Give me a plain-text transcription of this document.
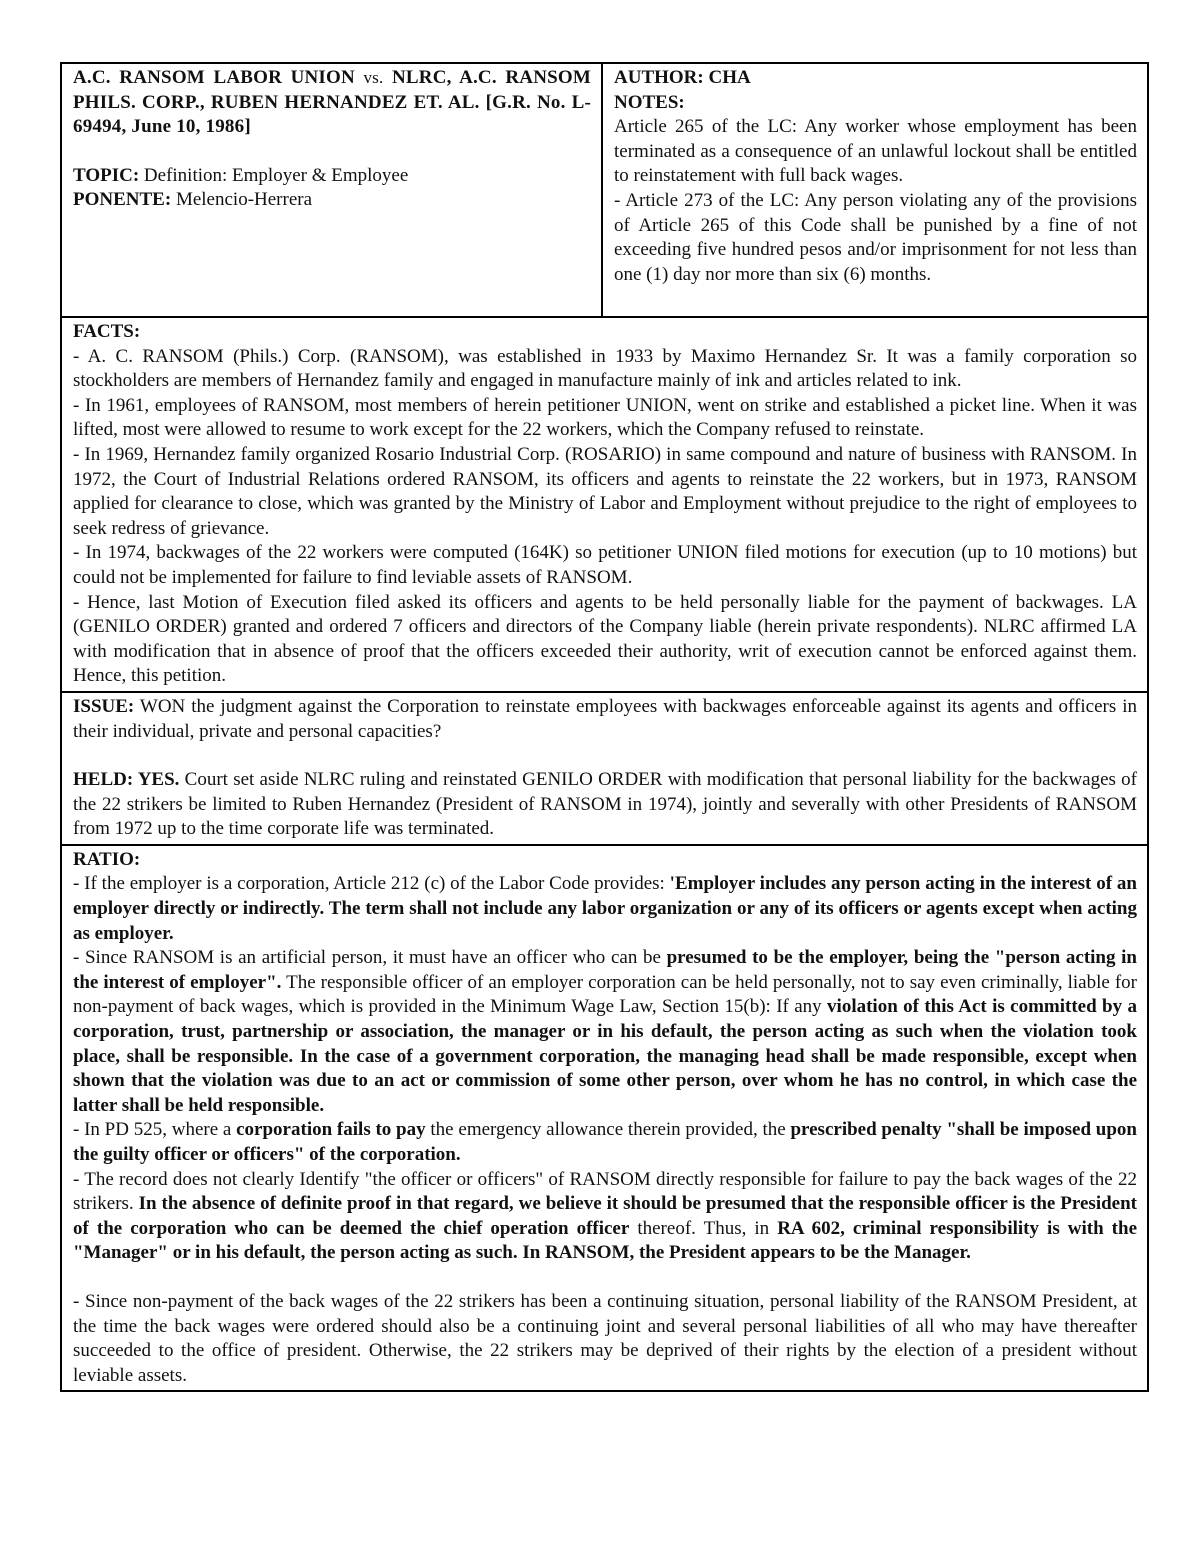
A.C. RANSOM LABOR UNION vs. NLRC, A.C. RANSOM PHILS. CORP., RUBEN HERNANDEZ ET. AL. [G.R. No. L-69494, June 10, 1986]

TOPIC: Definition: Employer & Employee

PONENTE: Melencio-Herrera

AUTHOR: CHA

NOTES:

Article 265 of the LC: Any worker whose employment has been terminated as a consequence of an unlawful lockout shall be entitled to reinstatement with full back wages.

- Article 273 of the LC: Any person violating any of the provisions of Article 265 of this Code shall be punished by a fine of not exceeding five hundred pesos and/or imprisonment for not less than one (1) day nor more than six (6) months.

FACTS:

- A. C. RANSOM (Phils.) Corp. (RANSOM), was established in 1933 by Maximo Hernandez Sr. It was a family corporation so stockholders are members of Hernandez family and engaged in manufacture mainly of ink and articles related to ink.

- In 1961, employees of RANSOM, most members of herein petitioner UNION, went on strike and established a picket line. When it was lifted, most were allowed to resume to work except for the 22 workers, which the Company refused to reinstate.

- In 1969, Hernandez family organized Rosario Industrial Corp. (ROSARIO) in same compound and nature of business with RANSOM. In 1972, the Court of Industrial Relations ordered RANSOM, its officers and agents to reinstate the 22 workers, but in 1973, RANSOM applied for clearance to close, which was granted by the Ministry of Labor and Employment without prejudice to the right of employees to seek redress of grievance.

- In 1974, backwages of the 22 workers were computed (164K) so petitioner UNION filed motions for execution (up to 10 motions) but could not be implemented for failure to find leviable assets of RANSOM.

- Hence, last Motion of Execution filed asked its officers and agents to be held personally liable for the payment of backwages. LA (GENILO ORDER) granted and ordered 7 officers and directors of the Company liable (herein private respondents). NLRC affirmed LA with modification that in absence of proof that the officers exceeded their authority, writ of execution cannot be enforced against them. Hence, this petition.

ISSUE: WON the judgment against the Corporation to reinstate employees with backwages enforceable against its agents and officers in their individual, private and personal capacities?

HELD: YES. Court set aside NLRC ruling and reinstated GENILO ORDER with modification that personal liability for the backwages of the 22 strikers be limited to Ruben Hernandez (President of RANSOM in 1974), jointly and severally with other Presidents of RANSOM from 1972 up to the time corporate life was terminated.

RATIO:

- If the employer is a corporation, Article 212 (c) of the Labor Code provides: 'Employer includes any person acting in the interest of an employer directly or indirectly. The term shall not include any labor organization or any of its officers or agents except when acting as employer.

- Since RANSOM is an artificial person, it must have an officer who can be presumed to be the employer, being the "person acting in the interest of employer". The responsible officer of an employer corporation can be held personally, not to say even criminally, liable for non-payment of back wages, which is provided in the Minimum Wage Law, Section 15(b): If any violation of this Act is committed by a corporation, trust, partnership or association, the manager or in his default, the person acting as such when the violation took place, shall be responsible. In the case of a government corporation, the managing head shall be made responsible, except when shown that the violation was due to an act or commission of some other person, over whom he has no control, in which case the latter shall be held responsible.

- In PD 525, where a corporation fails to pay the emergency allowance therein provided, the prescribed penalty "shall be imposed upon the guilty officer or officers" of the corporation.

- The record does not clearly Identify "the officer or officers" of RANSOM directly responsible for failure to pay the back wages of the 22 strikers. In the absence of definite proof in that regard, we believe it should be presumed that the responsible officer is the President of the corporation who can be deemed the chief operation officer thereof. Thus, in RA 602, criminal responsibility is with the "Manager" or in his default, the person acting as such. In RANSOM, the President appears to be the Manager.

- Since non-payment of the back wages of the 22 strikers has been a continuing situation, personal liability of the RANSOM President, at the time the back wages were ordered should also be a continuing joint and several personal liabilities of all who may have thereafter succeeded to the office of president. Otherwise, the 22 strikers may be deprived of their rights by the election of a president without leviable assets.
